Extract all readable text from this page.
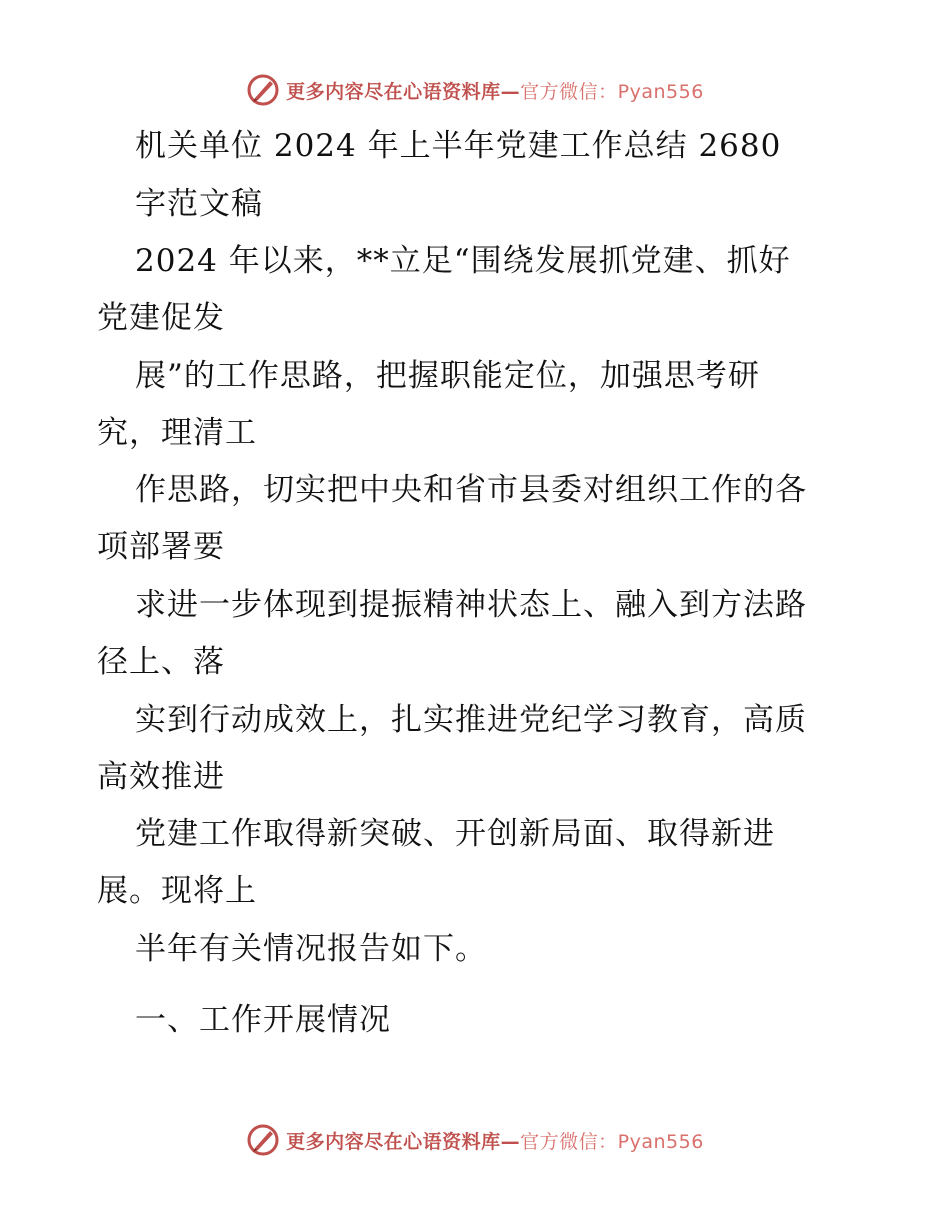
更多内容尽在心语资料库—官方微信：Pyan556
机关单位 2024 年上半年党建工作总结 2680
字范文稿
2024 年以来，**立足“围绕发展抓党建、抓好
党建促发
展”的工作思路，把握职能定位，加强思考研
究，理清工
作思路，切实把中央和省市县委对组织工作的各
项部署要
求进一步体现到提振精神状态上、融入到方法路
径上、落
实到行动成效上，扎实推进党纪学习教育，高质
高效推进
党建工作取得新突破、开创新局面、取得新进
展。现将上
半年有关情况报告如下。
一、工作开展情况
更多内容尽在心语资料库—官方微信：Pyan556
